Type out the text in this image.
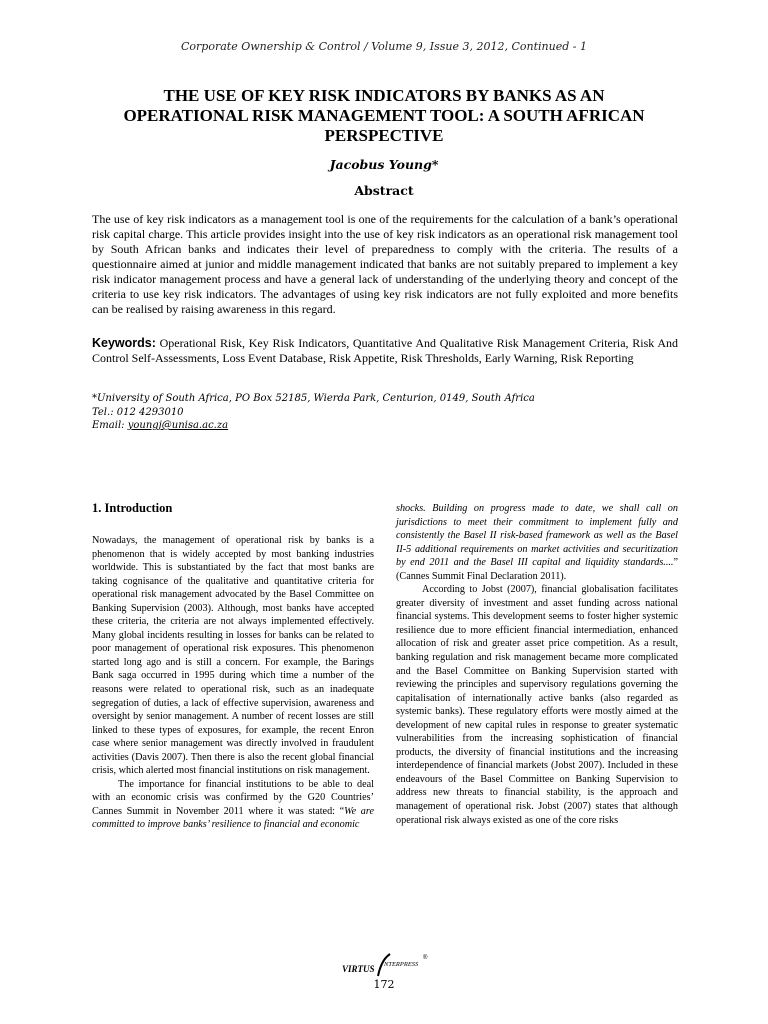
Corporate Ownership & Control / Volume 9, Issue 3, 2012, Continued - 1
THE USE OF KEY RISK INDICATORS BY BANKS AS AN OPERATIONAL RISK MANAGEMENT TOOL: A SOUTH AFRICAN PERSPECTIVE
Jacobus Young*
Abstract
The use of key risk indicators as a management tool is one of the requirements for the calculation of a bank’s operational risk capital charge. This article provides insight into the use of key risk indicators as an operational risk management tool by South African banks and indicates their level of preparedness to comply with the criteria. The results of a questionnaire aimed at junior and middle management indicated that banks are not suitably prepared to implement a key risk indicator management process and have a general lack of understanding of the underlying theory and concept of the criteria to use key risk indicators. The advantages of using key risk indicators are not fully exploited and more benefits can be realised by raising awareness in this regard.
Keywords: Operational Risk, Key Risk Indicators, Quantitative And Qualitative Risk Management Criteria, Risk And Control Self-Assessments, Loss Event Database, Risk Appetite, Risk Thresholds, Early Warning, Risk Reporting
*University of South Africa, PO Box 52185, Wierda Park, Centurion, 0149, South Africa
Tel.: 012 4293010
Email: youngj@unisa.ac.za
1. Introduction

Nowadays, the management of operational risk by banks is a phenomenon that is widely accepted by most banking industries worldwide. This is substantiated by the fact that most banks are taking cognisance of the qualitative and quantitative criteria for operational risk management advocated by the Basel Committee on Banking Supervision (2003). Although, most banks have accepted these criteria, the criteria are not always implemented effectively. Many global incidents resulting in losses for banks can be related to poor management of operational risk exposures. This phenomenon started long ago and is still a concern. For example, the Barings Bank saga occurred in 1995 during which time a number of the reasons were related to operational risk, such as an inadequate segregation of duties, a lack of effective supervision, awareness and oversight by senior management. A number of recent losses are still linked to these types of exposures, for example, the recent Enron case where senior management was directly involved in fraudulent activities (Davis 2007). Then there is also the recent global financial crisis, which alerted most financial institutions on risk management.

The importance for financial institutions to be able to deal with an economic crisis was confirmed by the G20 Countries’ Cannes Summit in November 2011 where it was stated: “We are committed to improve banks’ resilience to financial and economic

shocks. Building on progress made to date, we shall call on jurisdictions to meet their commitment to implement fully and consistently the Basel II risk-based framework as well as the Basel II-5 additional requirements on market activities and securitization by end 2011 and the Basel III capital and liquidity standards....” (Cannes Summit Final Declaration 2011).

According to Jobst (2007), financial globalisation facilitates greater diversity of investment and asset funding across national financial systems. This development seems to foster higher systemic resilience due to more efficient financial intermediation, enhanced allocation of risk and greater asset price competition. As a result, banking regulation and risk management became more complicated and the Basel Committee on Banking Supervision started with reviewing the principles and supervisory regulations governing the capitalisation of internationally active banks (also regarded as systemic banks). These regulatory efforts were mostly aimed at the development of new capital rules in response to greater systematic vulnerabilities from the increasing sophistication of financial products, the diversity of financial institutions and the increasing interdependence of financial markets (Jobst 2007). Included in these endeavours of the Basel Committee on Banking Supervision to address new threats to financial stability, is the approach and management of operational risk. Jobst (2007) states that although operational risk always existed as one of the core risks

VIRTUS NTERPRESS
®
172
